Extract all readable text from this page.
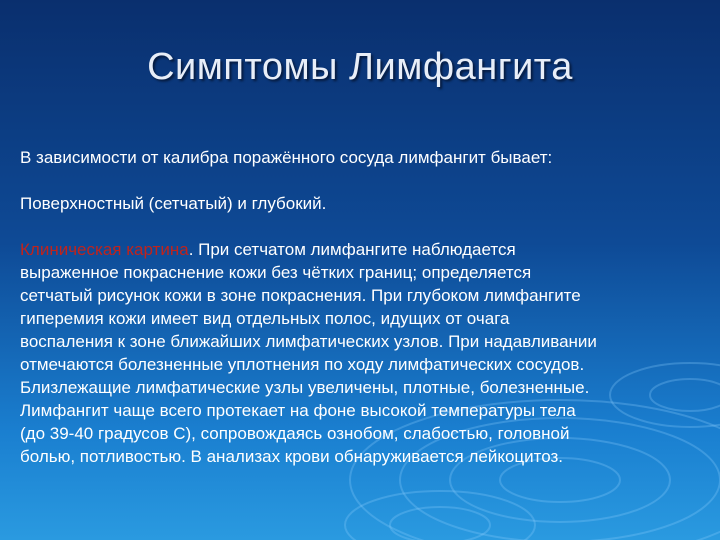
Симптомы Лимфангита

В зависимости от калибра поражённого сосуда лимфангит бывает:

Поверхностный (сетчатый) и глубокий.

Клиническая картина. При сетчатом лимфангите наблюдается
выраженное покраснение кожи без чётких границ; определяется
сетчатый рисунок кожи в зоне покраснения. При глубоком лимфангите
гиперемия кожи имеет вид отдельных полос, идущих от очага
воспаления к зоне ближайших лимфатических узлов. При надавливании
отмечаются болезненные уплотнения по ходу лимфатических сосудов.
Близлежащие лимфатические узлы увеличены, плотные, болезненные.
Лимфангит чаще всего протекает на фоне высокой температуры тела
(до 39-40 градусов С), сопровождаясь ознобом, слабостью, головной
болью, потливостью. В анализах крови обнаруживается лейкоцитоз.
